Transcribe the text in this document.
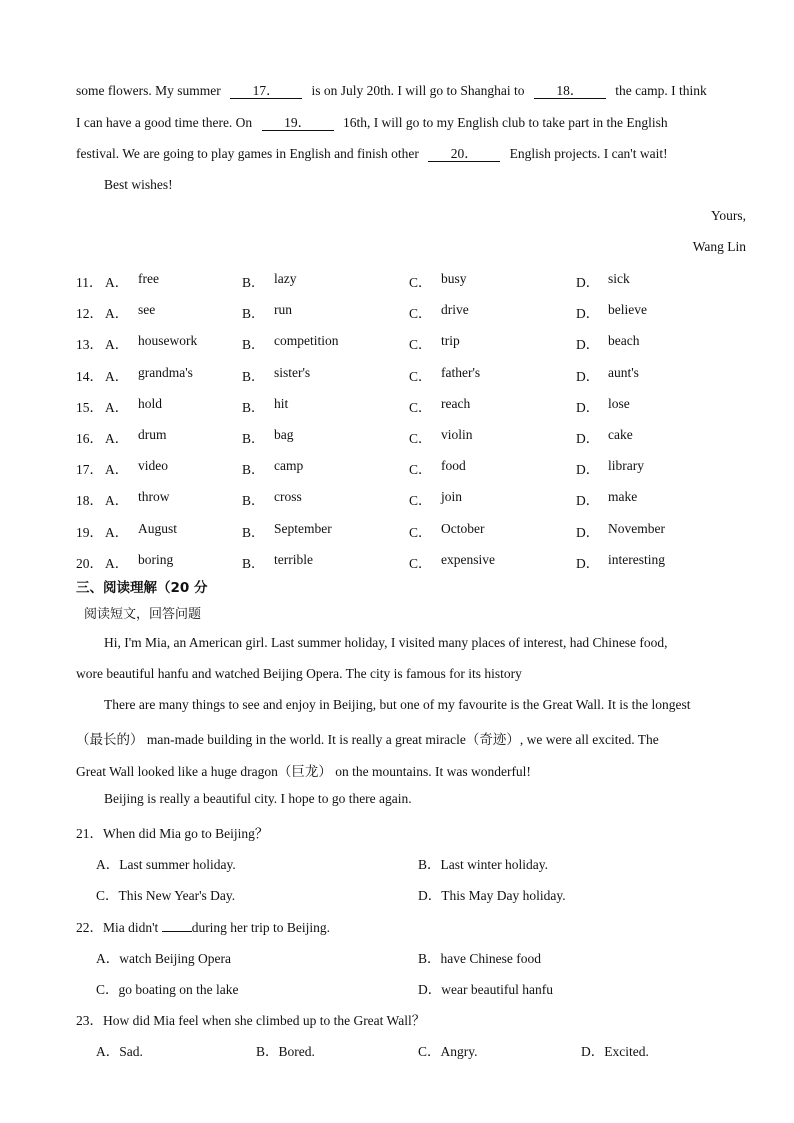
some flowers. My summer 17． is on July 20th. I will go to Shanghai to 18． the camp. I think
I can have a good time there. On 19． 16th, I will go to my English club to take part in the English
festival. We are going to play games in English and finish other 20． English projects. I can't wait!
Best wishes!
Yours,
Wang Lin
11． A． free	B． lazy	C． busy	D． sick
12． A． see	B． run	C． drive	D． believe
13． A． housework	B． competition	C． trip	D． beach
14． A． grandma's	B． sister's	C． father's	D． aunt's
15． A． hold	B． hit	C． reach	D． lose
16． A． drum	B． bag	C． violin	D． cake
17． A． video	B． camp	C． food	D． library
18． A． throw	B． cross	C． join	D． make
19． A． August	B． September	C． October	D． November
20． A． boring	B． terrible	C． expensive	D． interesting
三、阅读理解（20 分
阅读短文，回答问题
Hi, I'm Mia, an American girl. Last summer holiday, I visited many places of interest, had Chinese food,
wore beautiful hanfu and watched Beijing Opera. The city is famous for its history
There are many things to see and enjoy in Beijing, but one of my favourite is the Great Wall. It is the longest
（最长的） man-made building in the world. It is really a great miracle（奇迹）, we were all excited. The
Great Wall looked like a huge dragon（巨龙） on the mountains. It was wonderful!
Beijing is really a beautiful city. I hope to go there again.
21．When did Mia go to Beijing？
A．Last summer holiday.	B．Last winter holiday.
C．This New Year's Day.	D．This May Day holiday.
22．Mia didn't during her trip to Beijing.
A．watch Beijing Opera	B．have Chinese food
C．go boating on the lake	D．wear beautiful hanfu
23．How did Mia feel when she climbed up to the Great Wall？
A．Sad.	B．Bored.	C．Angry.	D．Excited.
